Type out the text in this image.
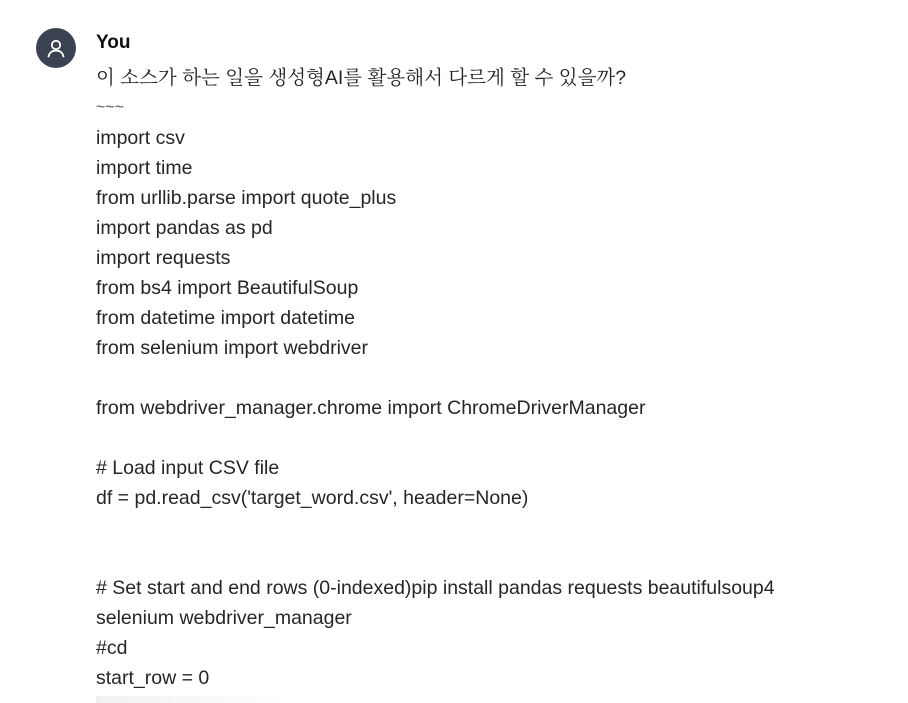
You
이 소스가 하는 일을 생성형AI를 활용해서 다르게 할 수 있을까?
~~~
import csv
import time
from urllib.parse import quote_plus
import pandas as pd
import requests
from bs4 import BeautifulSoup
from datetime import datetime
from selenium import webdriver
from webdriver_manager.chrome import ChromeDriverManager
# Load input CSV file
df = pd.read_csv('target_word.csv', header=None)
# Set start and end rows (0-indexed)pip install pandas requests beautifulsoup4
selenium webdriver_manager
#cd
start_row = 0
